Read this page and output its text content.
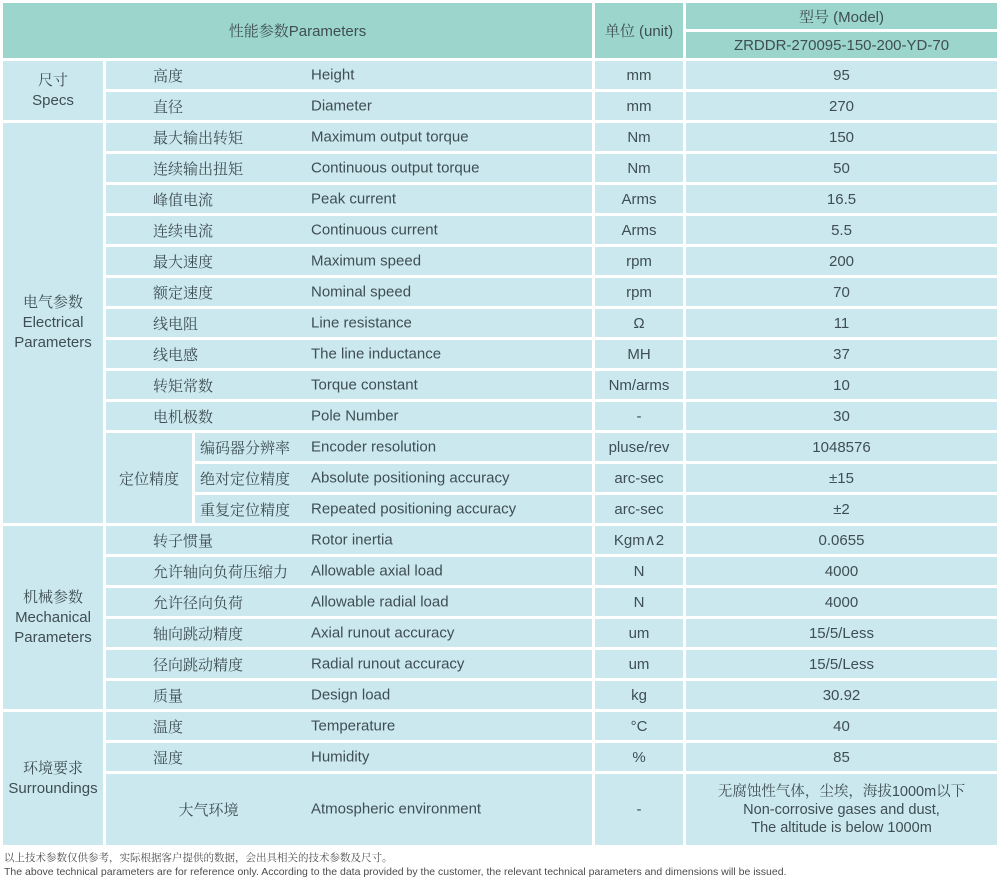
性能参数Parameters			单位 (unit)	型号 (Model)
				ZRDDR-270095-150-200-YD-70

尺寸
Specs	高度 Height		mm	95
	直径 Diameter		mm	270

电气参数
Electrical
Parameters	最大输出转矩 Maximum output torque		Nm	150
	连续输出扭矩 Continuous output torque		Nm	50
	峰值电流 Peak current		Arms	16.5
	连续电流 Continuous current		Arms	5.5
	最大速度 Maximum speed		rpm	200
	额定速度 Nominal speed		rpm	70
	线电阻 Line resistance		Ω	11
	线电感 The line inductance		MH	37
	转矩常数 Torque constant		Nm/arms	10
	电机极数 Pole Number		-	30
	定位精度	编码器分辨率 Encoder resolution	pluse/rev	1048576
		绝对定位精度 Absolute positioning accuracy	arc-sec	±15
		重复定位精度 Repeated positioning accuracy	arc-sec	±2

机械参数
Mechanical
Parameters	转子惯量 Rotor inertia		Kgm∧2	0.0655
	允许轴向负荷压缩力 Allowable axial load		N	4000
	允许径向负荷 Allowable radial load		N	4000
	轴向跳动精度 Axial runout accuracy		um	15/5/Less
	径向跳动精度 Radial runout accuracy		um	15/5/Less
	质量 Design load		kg	30.92

环境要求
Surroundings	温度 Temperature		°C	40
	湿度 Humidity		%	85
	大气环境 Atmospheric environment		-	无腐蚀性气体，尘埃，海拔1000m以下
Non-corrosive gases and dust,
The altitude is below 1000m
以上技术参数仅供参考，实际根据客户提供的数据，会出具相关的技术参数及尺寸。
The above technical parameters are for reference only. According to the data provided by the customer, the relevant technical parameters and dimensions will be issued.
